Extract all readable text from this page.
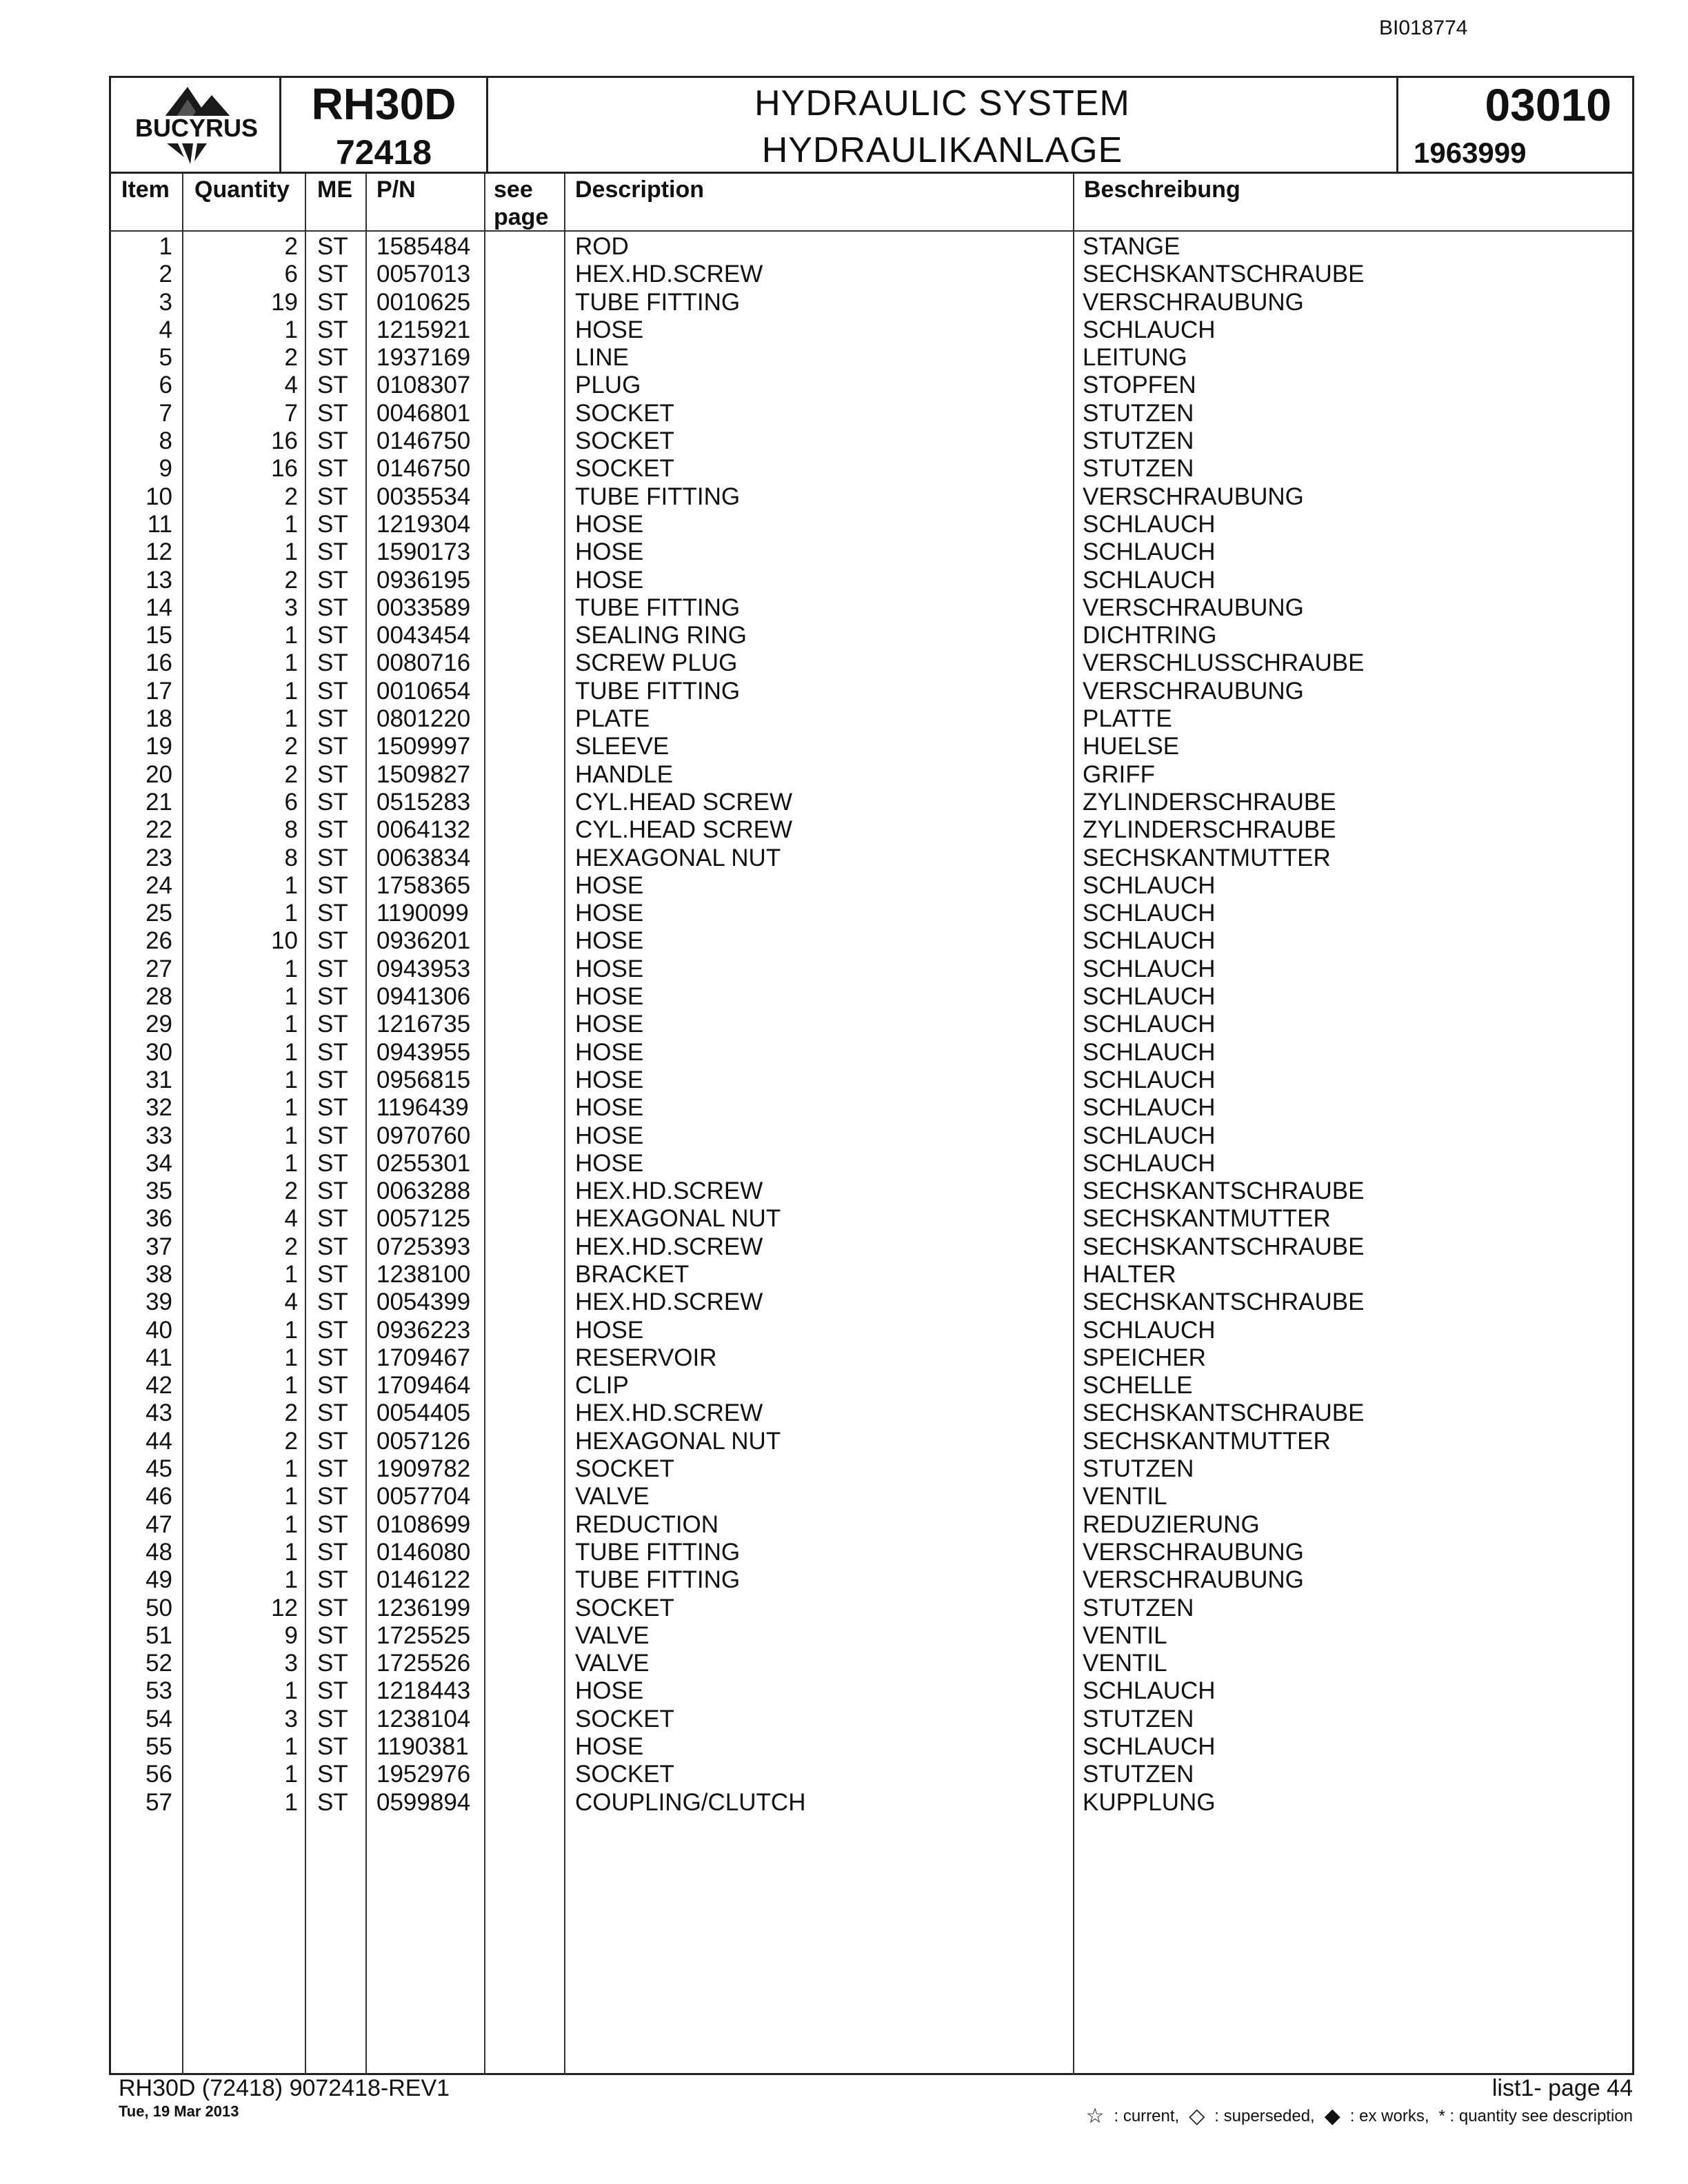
BI018774
BUCYRUS	RH30D
72418
HYDRAULIC SYSTEM
HYDRAULIKANLAGE
03010
1963999
Item Quantity ME P/N	see
page
Description	Beschreibung
1	2 ST 1585484	ROD	STANGE
2	6 ST 0057013	HEX.HD.SCREW	SECHSKANTSCHRAUBE
3	19 ST 0010625	TUBE FITTING	VERSCHRAUBUNG
4	1 ST 1215921	HOSE	SCHLAUCH
5	2 ST 1937169	LINE	LEITUNG
6	4 ST 0108307	PLUG	STOPFEN
7	7 ST 0046801	SOCKET	STUTZEN
8	16 ST 0146750	SOCKET	STUTZEN
9	16 ST 0146750	SOCKET	STUTZEN
10	2 ST 0035534	TUBE FITTING	VERSCHRAUBUNG
11	1 ST 1219304	HOSE	SCHLAUCH
12	1 ST 1590173	HOSE	SCHLAUCH
13	2 ST 0936195	HOSE	SCHLAUCH
14	3 ST 0033589	TUBE FITTING	VERSCHRAUBUNG
15	1 ST 0043454	SEALING RING	DICHTRING
16	1 ST 0080716	SCREW PLUG	VERSCHLUSSCHRAUBE
17	1 ST 0010654	TUBE FITTING	VERSCHRAUBUNG
18	1 ST 0801220	PLATE	PLATTE
19	2 ST 1509997	SLEEVE	HUELSE
20	2 ST 1509827	HANDLE	GRIFF
21	6 ST 0515283	CYL.HEAD SCREW	ZYLINDERSCHRAUBE
22	8 ST 0064132	CYL.HEAD SCREW	ZYLINDERSCHRAUBE
23	8 ST 0063834	HEXAGONAL NUT	SECHSKANTMUTTER
24	1 ST 1758365	HOSE	SCHLAUCH
25	1 ST 1190099	HOSE	SCHLAUCH
26	10 ST 0936201	HOSE	SCHLAUCH
27	1 ST 0943953	HOSE	SCHLAUCH
28	1 ST 0941306	HOSE	SCHLAUCH
29	1 ST 1216735	HOSE	SCHLAUCH
30	1 ST 0943955	HOSE	SCHLAUCH
31	1 ST 0956815	HOSE	SCHLAUCH
32	1 ST 1196439	HOSE	SCHLAUCH
33	1 ST 0970760	HOSE	SCHLAUCH
34	1 ST 0255301	HOSE	SCHLAUCH
35	2 ST 0063288	HEX.HD.SCREW	SECHSKANTSCHRAUBE
36	4 ST 0057125	HEXAGONAL NUT	SECHSKANTMUTTER
37	2 ST 0725393	HEX.HD.SCREW	SECHSKANTSCHRAUBE
38	1 ST 1238100	BRACKET	HALTER
39	4 ST 0054399	HEX.HD.SCREW	SECHSKANTSCHRAUBE
40	1 ST 0936223	HOSE	SCHLAUCH
41	1 ST 1709467	RESERVOIR	SPEICHER
42	1 ST 1709464	CLIP	SCHELLE
43	2 ST 0054405	HEX.HD.SCREW	SECHSKANTSCHRAUBE
44	2 ST 0057126	HEXAGONAL NUT	SECHSKANTMUTTER
45	1 ST 1909782	SOCKET	STUTZEN
46	1 ST 0057704	VALVE	VENTIL
47	1 ST 0108699	REDUCTION	REDUZIERUNG
48	1 ST 0146080	TUBE FITTING	VERSCHRAUBUNG
49	1 ST 0146122	TUBE FITTING	VERSCHRAUBUNG
50	12 ST 1236199	SOCKET	STUTZEN
51	9 ST 1725525	VALVE	VENTIL
52	3 ST 1725526	VALVE	VENTIL
53	1 ST 1218443	HOSE	SCHLAUCH
54	3 ST 1238104	SOCKET	STUTZEN
55	1 ST 1190381	HOSE	SCHLAUCH
56	1 ST 1952976	SOCKET	STUTZEN
57	1 ST 0599894	COUPLING/CLUTCH	KUPPLUNG
RH30D (72418) 9072418-REV1
Tue, 19 Mar 2013
list1- page 44
☆ : current, ◇ : superseded, ◆ : ex works, * : quantity see description
